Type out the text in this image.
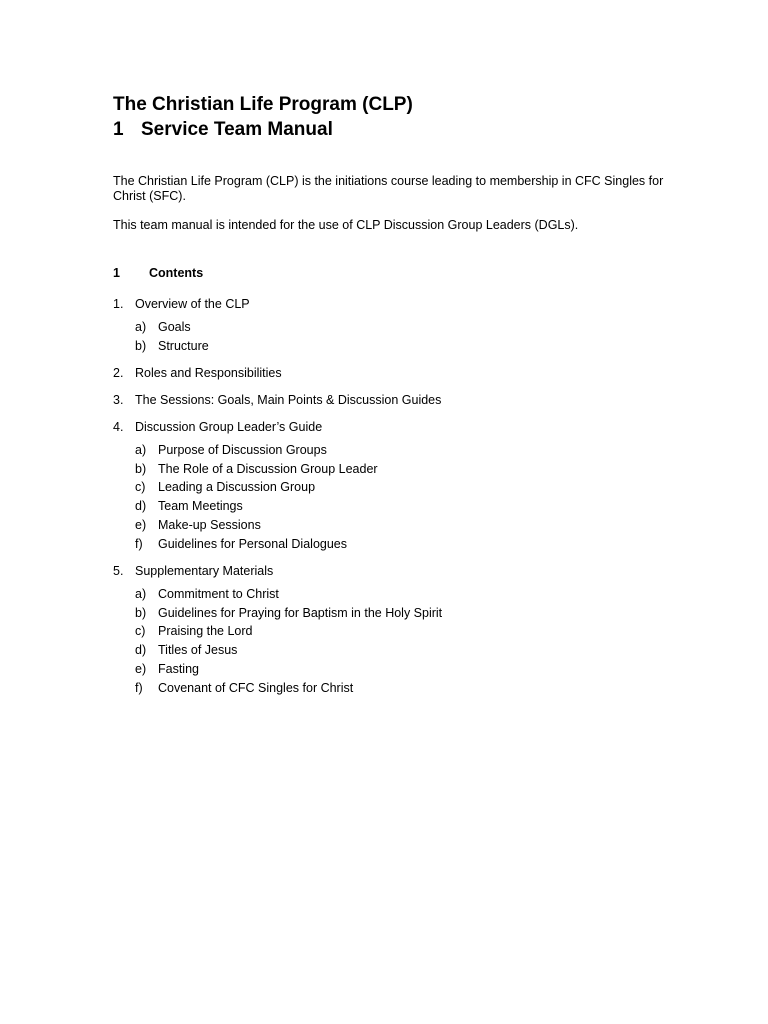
The Christian Life Program (CLP)
1 Service Team Manual

The Christian Life Program (CLP) is the initiations course leading to membership in CFC Singles for Christ (SFC).

This team manual is intended for the use of CLP Discussion Group Leaders (DGLs).

1	Contents
1. Overview of the CLP
a) Goals
b) Structure
2. Roles and Responsibilities
3. The Sessions: Goals, Main Points & Discussion Guides
4. Discussion Group Leader’s Guide
a) Purpose of Discussion Groups
b) The Role of a Discussion Group Leader
c)	Leading a Discussion Group
d) Team Meetings
e) Make-up Sessions
f)	Guidelines for Personal Dialogues
5. Supplementary Materials
a) Commitment to Christ
b) Guidelines for Praying for Baptism in the Holy Spirit
c)	Praising the Lord
d) Titles of Jesus
e) Fasting
f)	Covenant of CFC Singles for Christ
